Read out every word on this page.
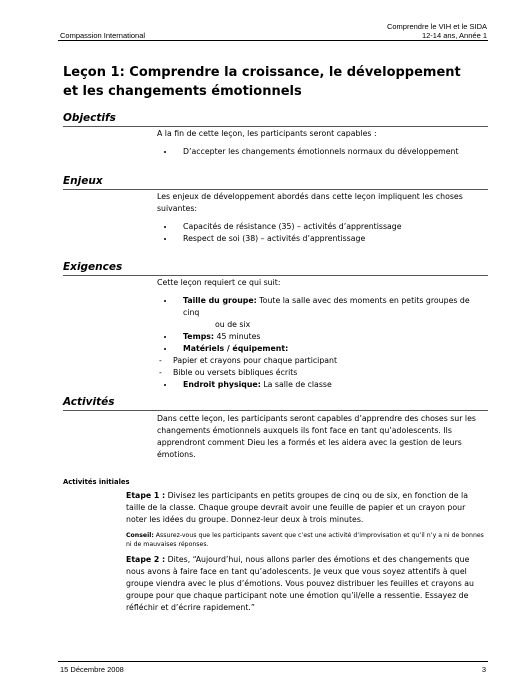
Compassion International
Comprendre le VIH et le SIDA
12-14 ans, Année 1
Leçon 1: Comprendre la croissance, le développement et les changements émotionnels
Objectifs
A la fin de cette leçon, les participants seront capables :
• D’accepter les changements émotionnels normaux du développement
Enjeux
Les enjeux de développement abordés dans cette leçon impliquent les choses suivantes:
• Capacités de résistance (35) – activités d’apprentissage
• Respect de soi (38) – activités d’apprentissage
Exigences
Cette leçon requiert ce qui suit:
• Taille du groupe: Toute la salle avec des moments en petits groupes de cinq
ou de six
• Temps: 45 minutes
• Matériels / équipement:
- Papier et crayons pour chaque participant
- Bible ou versets bibliques écrits
• Endroit physique: La salle de classe
Activités
Dans cette leçon, les participants seront capables d’apprendre des choses sur les changements émotionnels auxquels ils font face en tant qu’adolescents. Ils apprendront comment Dieu les a formés et les aidera avec la gestion de leurs émotions.
Activités initiales
Etape 1 : Divisez les participants en petits groupes de cinq ou de six, en fonction de la taille de la classe. Chaque groupe devrait avoir une feuille de papier et un crayon pour noter les idées du groupe. Donnez-leur deux à trois minutes.
Conseil: Assurez-vous que les participants savent que c’est une activité d’improvisation et qu’il n’y a ni de bonnes ni de mauvaises réponses.
Etape 2 : Dites, “Aujourd’hui, nous allons parler des émotions et des changements que nous avons à faire face en tant qu’adolescents. Je veux que vous soyez attentifs à quel groupe viendra avec le plus d’émotions. Vous pouvez distribuer les feuilles et crayons au groupe pour que chaque participant note une émotion qu’il/elle a ressentie. Essayez de réfléchir et d’écrire rapidement.”
15 Décembre 2008	3
